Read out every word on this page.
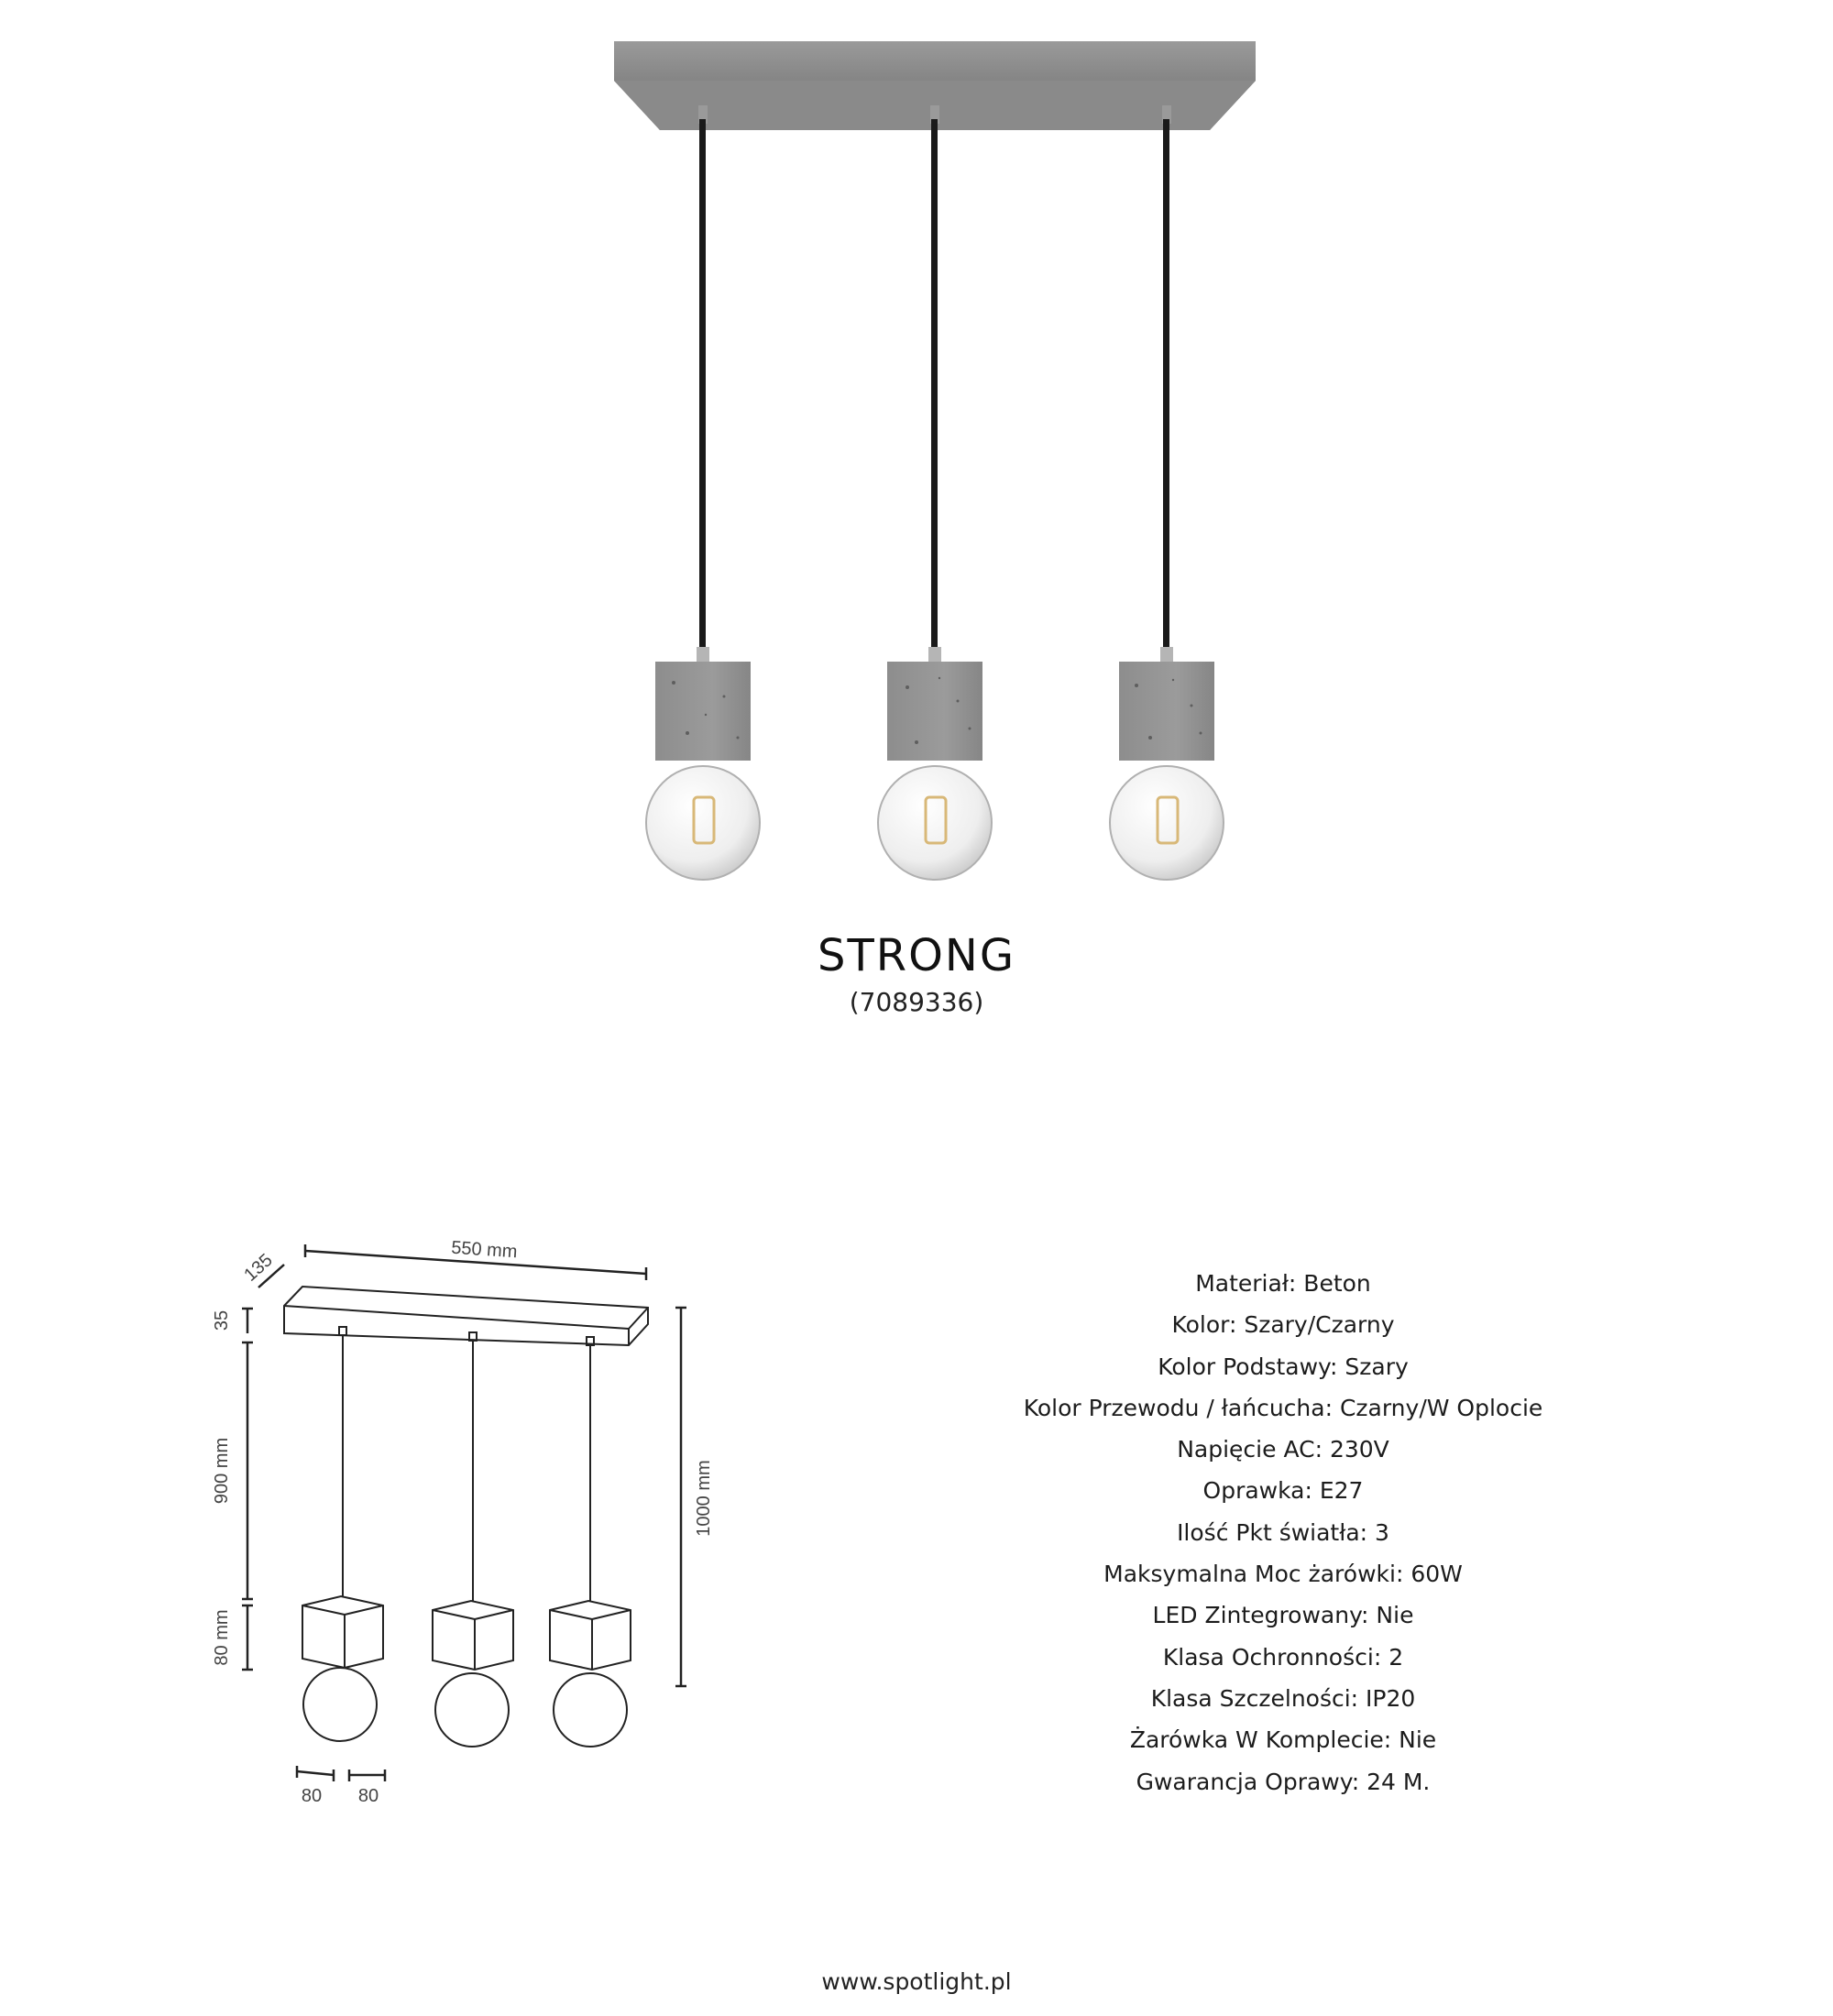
STRONG
(7089336)
550 mm
135
35
900 mm
80 mm
1000 mm
80 80
Materiał: Beton
Kolor: Szary/Czarny
Kolor Podstawy: Szary
Kolor Przewodu / łańcucha: Czarny/W Oplocie
Napięcie AC: 230V
Oprawka: E27
Ilość Pkt światła: 3
Maksymalna Moc żarówki: 60W
LED Zintegrowany: Nie
Klasa Ochronności: 2
Klasa Szczelności: IP20
Żarówka W Komplecie: Nie
Gwarancja Oprawy: 24 M.
www.spotlight.pl
